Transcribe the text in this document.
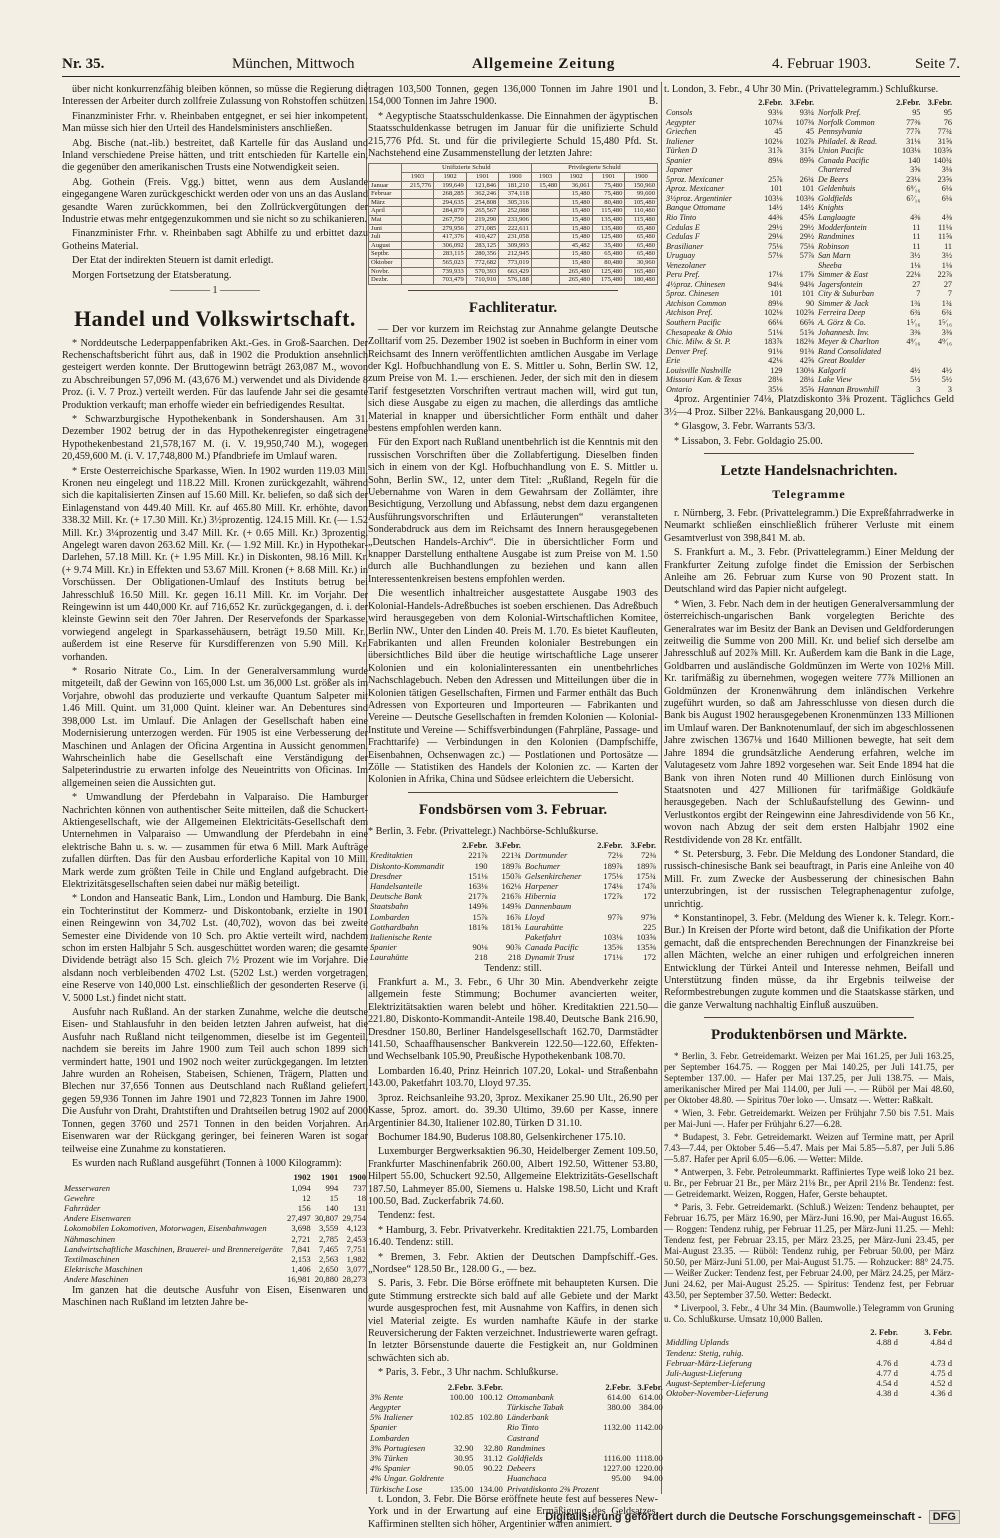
Nr. 35.	München, Mittwoch	Allgemeine Zeitung	4. Februar 1903.	Seite 7.

über nicht konkurrenzfähig bleiben können, so müsse die Regierung die Interessen der Arbeiter durch zollfreie Zulassung von Rohstoffen schützen.

Finanzminister Frhr. v. Rheinbaben entgegnet, er sei hier inkompetent. Man müsse sich hier den Urteil des Handelsministers anschließen.

Abg. Bische (nat.-lib.) bestreitet, daß Kartelle für das Ausland und Inland verschiedene Preise hätten, und tritt entschieden für Kartelle ein, die gegenüber den amerikanischen Trusts eine Notwendigkeit seien.

Abg. Gothein (Freis. Vgg.) bittet, wenn aus dem Auslande eingegangene Waren zurückgeschickt werden oder von uns an das Ausland gesandte Waren zurückkommen, bei den Zollrückvergütungen der Industrie etwas mehr entgegenzukommen und sie nicht so zu schikanieren.

Finanzminister Frhr. v. Rheinbaben sagt Abhilfe zu und erbittet dazu Gotheins Material.

Der Etat der indirekten Steuern ist damit erledigt.

Morgen Fortsetzung der Etatsberatung.

———— 1 ————
Handel und Volkswirtschaft.

* Norddeutsche Lederpappenfabriken Akt.-Ges. in Groß-Saarchen. Der Rechenschaftsbericht führt aus, daß in 1902 die Produktion ansehnlich gesteigert werden konnte. Der Bruttogewinn beträgt 263,087 M., wovon zu Abschreibungen 57,096 M. (43,676 M.) verwendet und als Dividende 8 Proz. (i. V. 7 Proz.) verteilt werden. Für das laufende Jahr sei die gesamte Produktion verkauft; man erhoffe wieder ein befriedigendes Resultat.

* Schwarzburgische Hypothekenbank in Sondershausen. Am 31. Dezember 1902 betrug der in das Hypothekenregister eingetragene Hypothekenbestand 21,578,167 M. (i. V. 19,950,740 M.), wogegen 20,459,600 M. (i. V. 17,748,800 M.) Pfandbriefe im Umlauf waren.

* Erste Oesterreichische Sparkasse, Wien. In 1902 wurden 119.03 Mill. Kronen neu eingelegt und 118.22 Mill. Kronen zurückgezahlt, während sich die kapitalisierten Zinsen auf 15.60 Mill. Kr. beliefen, so daß sich der Einlagenstand von 449.40 Mill. Kr. auf 465.80 Mill. Kr. erhöhte, davon 338.32 Mill. Kr. (+ 17.30 Mill. Kr.) 3½prozentig. 124.15 Mill. Kr. (— 1.52 Mill. Kr.) 3¼prozentig und 3.47 Mill. Kr. (+ 0.65 Mill. Kr.) 3prozentig. Angelegt waren davon 263.62 Mill. Kr. (— 1.92 Mill. Kr.) in Hypothekar-Darlehen, 57.18 Mill. Kr. (+ 1.95 Mill. Kr.) in Diskonten, 98.16 Mill. Kr. (+ 9.74 Mill. Kr.) in Effekten und 53.67 Mill. Kronen (+ 8.68 Mill. Kr.) in Vorschüssen. Der Obligationen-Umlauf des Instituts betrug bei Jahresschluß 16.50 Mill. Kr. gegen 16.11 Mill. Kr. im Vorjahr. Der Reingewinn ist um 440,000 Kr. auf 716,652 Kr. zurückgegangen, d. i. der kleinste Gewinn seit den 70er Jahren. Der Reservefonds der Sparkasse, vorwiegend angelegt in Sparkassehäusern, beträgt 19.50 Mill. Kr., außerdem ist eine Reserve für Kursdifferenzen von 5.90 Mill. Kr. vorhanden.

* Rosario Nitrate Co., Lim. In der Generalversammlung wurde mitgeteilt, daß der Gewinn von 165,000 Lst. um 36,000 Lst. größer als im Vorjahre, obwohl das produzierte und verkaufte Quantum Salpeter mit 1.46 Mill. Quint. um 31,000 Quint. kleiner war. An Debentures sind 398,000 Lst. im Umlauf. Die Anlagen der Gesellschaft haben eine Modernisierung unterzogen werden. Für 1905 ist eine Verbesserung der Maschinen und Anlagen der Oficina Argentina in Aussicht genommen. Wahrscheinlich habe die Gesellschaft eine Verständigung der Salpeterindustrie zu erwarten infolge des Neueintritts von Oficinas. Im allgemeinen seien die Aussichten gut.

* Umwandlung der Pferdebahn in Valparaiso. Die Hamburger Nachrichten können von authentischer Seite mitteilen, daß die Schuckert-Aktiengesellschaft, wie der Allgemeinen Elektricitäts-Gesellschaft dem Unternehmen in Valparaiso — Umwandlung der Pferdebahn in eine elektrische Bahn u. s. w. — zusammen für etwa 6 Mill. Mark Aufträge zufallen dürften. Das für den Ausbau erforderliche Kapital von 10 Mill. Mark werde zum größten Teile in Chile und England aufgebracht. Die Elektrizitätsgesellschaften seien dabei nur mäßig beteiligt.

* London and Hanseatic Bank, Lim., London und Hamburg. Die Bank, ein Tochterinstitut der Kommerz- und Diskontobank, erzielte in 1901 einen Reingewinn von 34,702 Lst. (40,702), wovon das bei zweite Semester eine Dividende von 10 Sch. pro Aktie verteilt wird, nachdem schon im ersten Halbjahr 5 Sch. ausgeschüttet worden waren; die gesamte Dividende beträgt also 15 Sch. gleich 7½ Prozent wie im Vorjahre. Die alsdann noch verbleibenden 4702 Lst. (5202 Lst.) werden vorgetragen, eine Reserve von 140,000 Lst. einschließlich der gesonderten Reserve (i. V. 5000 Lst.) findet nicht statt.

Ausfuhr nach Rußland. An der starken Zunahme, welche die deutsche Eisen- und Stahlausfuhr in den beiden letzten Jahren aufweist, hat die Ausfuhr nach Rußland nicht teilgenommen, dieselbe ist im Gegenteil, nachdem sie bereits im Jahre 1900 zum Teil auch schon 1899 sich vermindert hatte, 1901 und 1902 noch weiter zurückgegangen. Im letzten Jahre wurden an Roheisen, Stabeisen, Schienen, Trägern, Platten und Blechen nur 37,656 Tonnen aus Deutschland nach Rußland geliefert, gegen 59,936 Tonnen im Jahre 1901 und 72,823 Tonnen im Jahre 1900. Die Ausfuhr von Draht, Drahtstiften und Drahtseilen betrug 1902 auf 2000 Tonnen, gegen 3760 und 2571 Tonnen in den beiden Vorjahren. An Eisenwaren war der Rückgang geringer, bei feineren Waren ist sogar teilweise eine Zunahme zu konstatieren.

Es wurden nach Rußland ausgeführt (Tonnen à 1000 Kilogramm):

	1902	1901	1900
Messerwaren	1,094	994	737
Gewehre	12	15	18
Fahrräder	156	140	131
Andere Eisenwaren	27,497	30,807	29,754
Lokomobilen Lokomotiven, Motorwagen, Eisenbahnwagen	3,698	3,559	4,123
Nähmaschinen	2,721	2,785	2,453
Landwirtschaftliche Maschinen, Brauerei- und Brennereigeräte	7,841	7,465	7,751
Textilmaschinen	2,153	2,563	1,982
Elektrische Maschinen	1,406	2,650	3,077
Andere Maschinen	16,981	20,880	28,273

Im ganzen hat die deutsche Ausfuhr von Eisen, Eisenwaren und Maschinen nach Rußland im letzten Jahre be-

tragen 103,500 Tonnen, gegen 136,000 Tonnen im Jahre 1901 und 154,000 Tonnen im Jahre 1900.	B.

* Aegyptische Staatsschuldenkasse. Die Einnahmen der ägyptischen Staatsschuldenkasse betrugen im Januar für die unifizierte Schuld 215,776 Pfd. St. und für die privilegierte Schuld 15,480 Pfd. St. Nachstehend eine Zusammenstellung der letzten Jahre:

	Unifizierte Schuld				Privilegierte Schuld			
	1903	1902	1901	1900	1903	1902	1901	1900
Januar	215,776	199,649	121,846	181,210	15,480	36,061	75,480	150,960
Februar		268,285	362,246	374,118		15,480	75,480	99,600
März		294,635	254,808	305,316		15,480	80,480	105,480
April		284,879	265,567	252,088		15,480	115,480	110,480
Mai		267,750	219,290	233,906		15,480	135,480	115,480
Juni		279,956	271,085	222,611		15,480	135,480	65,480
Juli		417,376	410,427	231,058		15,480	125,480	65,480
August		306,092	283,125	309,993		45,482	35,480	65,480
Septbr.		283,115	280,356	212,945		15,480	65,480	65,480
Oktober		565,023	772,682	773,019		15,480	80,480	30,960
Novbr.		739,933	570,393	663,429		265,480	125,480	165,480
Dezbr.		703,479	710,910	576,188		265,480	175,480	180,480
Fachliteratur.

— Der vor kurzem im Reichstag zur Annahme gelangte Deutsche Zolltarif vom 25. Dezember 1902 ist soeben in Buchform in einer vom Reichsamt des Innern veröffentlichten amtlichen Ausgabe im Verlage der Kgl. Hofbuchhandlung von E. S. Mittler u. Sohn, Berlin SW. 12, zum Preise von M. 1.— erschienen. Jeder, der sich mit den in diesem Tarif festgesetzten Vorschriften vertraut machen will, wird gut tun, sich diese Ausgabe zu eigen zu machen, die allerdings das amtliche Material in knapper und übersichtlicher Form enthält und daher bestens empfohlen werden kann.

Für den Export nach Rußland unentbehrlich ist die Kenntnis mit den russischen Vorschriften über die Zollabfertigung. Dieselben finden sich in einem von der Kgl. Hofbuchhandlung von E. S. Mittler u. Sohn, Berlin SW., 12, unter dem Titel: „Rußland, Regeln für die Uebernahme von Waren in dem Gewahrsam der Zollämter, ihre Besichtigung, Verzollung und Abfassung, nebst dem dazu ergangenen Ausführungsvorschriften und Erläuterungen“ veranstalteten Sonderabdruck aus dem im Reichsamt des Innern herausgegebenen „Deutschen Handels-Archiv“. Die in übersichtlicher Form und knapper Darstellung enthaltene Ausgabe ist zum Preise von M. 1.50 durch alle Buchhandlungen zu beziehen und kann allen Interessentenkreisen bestens empfohlen werden.

Die wesentlich inhaltreicher ausgestattete Ausgabe 1903 des Kolonial-Handels-Adreßbuches ist soeben erschienen. Das Adreßbuch wird herausgegeben von dem Kolonial-Wirtschaftlichen Komitee, Berlin NW., Unter den Linden 40. Preis M. 1.70. Es bietet Kaufleuten, Fabrikanten und allen Freunden kolonialer Bestrebungen ein übersichtliches Bild über die heutige wirtschaftliche Lage unserer Kolonien und ein kolonialinteressanten ein unentbehrliches Nachschlagebuch. Neben den Adressen und Mitteilungen über die in Kolonien tätigen Gesellschaften, Firmen und Farmer enthält das Buch Adressen von Exporteuren und Importeuren — Fabrikanten und Vereine — Deutsche Gesellschaften in fremden Kolonien — Kolonial-Institute und Vereine — Schiffsverbindungen (Fahrpläne, Passage- und Frachttarife) — Verbindungen in den Kolonien (Dampfschiffe, Eisenbahnen, Ochsenwagen zc.) — Postlationen und Portosätze — Zölle — Statistiken des Handels der Kolonien zc. — Karten der Kolonien in Afrika, China und Südsee erleichtern die Uebersicht.

Fondsbörsen vom 3. Februar.

* Berlin, 3. Febr. (Privattelegr.) Nachbörse-Schlußkurse.

	2.Febr.	3.Febr.		2.Febr.	3.Febr.
Kreditaktien	221⅞	221¾	Dortmunder	72⅛	72⅜
Diskonto-Kommandit	190	189⅞	Bochumer	189⅞	189⅞
Dresdner	151⅛	150⅞	Gelsenkirchener	175⅛	175¾
Handelsanteile	163⅛	162⅛	Harpener	174⅛	174⅞
Deutsche Bank	217⅞	216⅞	Hibernia	172⅞	172
Staatsbahn	149⅝	149⅝	Dannenbaum		
Lombarden	15⅞	16⅞	Lloyd	97⅞	97⅝
Gotthardbahn	181⅝	181⅝	Laurahütte		225
Italienische Rente			Paketfahrt	103⅛	103⅝
Spanier	90⅛	90⅞	Canada Pacific	135⅜	135⅝
Laurahütte	218	218	Dynamit Trust	171⅛	172

Tendenz: still.

Frankfurt a. M., 3. Febr., 6 Uhr 30 Min. Abendverkehr zeigte allgemein feste Stimmung; Bochumer avancierten weiter, Elektrizitätsaktien waren belebt und höher. Kreditaktien 221.50—221.80, Diskonto-Kommandit-Anteile 198.40, Deutsche Bank 216.90, Dresdner 150.80, Berliner Handelsgesellschaft 162.70, Darmstädter 141.50, Schaaffhausenscher Bankverein 122.50—122.60, Effekten- und Wechselbank 105.90, Preußische Hypothekenbank 108.70.

Lombarden 16.40, Prinz Heinrich 107.20, Lokal- und Straßenbahn 143.00, Paketfahrt 103.70, Lloyd 97.35.

3proz. Reichsanleihe 93.20, 3proz. Mexikaner 25.90 Ult., 26.90 per Kasse, 5proz. amort. do. 39.30 Ultimo, 39.60 per Kasse, innere Argentinier 84.30, Italiener 102.80, Türken D 31.10.

Bochumer 184.90, Buderus 108.80, Gelsenkirchener 175.10.

Luxemburger Bergwerksaktien 96.30, Heidelberger Zement 109.50, Frankfurter Maschinenfabrik 260.00, Albert 192.50, Wittener 53.80, Hilpert 55.00, Schuckert 92.50, Allgemeine Elektrizitäts-Gesellschaft 187.50, Lahmeyer 85.00, Siemens u. Halske 198.50, Licht und Kraft 100.50, Bad. Zuckerfabrik 74.60.

Tendenz: fest.

* Hamburg, 3. Febr. Privatverkehr. Kreditaktien 221.75, Lombarden 16.40. Tendenz: still.

* Bremen, 3. Febr. Aktien der Deutschen Dampfschiff.-Ges. „Nordsee“ 128.50 Br., 128.00 G., — bez.

S. Paris, 3. Febr. Die Börse eröffnete mit behaupteten Kursen. Die gute Stimmung erstreckte sich bald auf alle Gebiete und der Markt wurde ausgesprochen fest, mit Ausnahme von Kaffirs, in denen sich viel Material zeigte. Es wurden namhafte Käufe in der starke Reuversicherung der Fakten verzeichnet. Industriewerte waren gefragt. In letzter Börsenstunde dauerte die Festigkeit an, nur Goldminen schwächten sich ab.

* Paris, 3. Febr., 3 Uhr nachm. Schlußkurse.

	2.Febr.	3.Febr.		2.Febr.	3.Febr.
3% Rente	100.00	100.12	Ottomanbank	614.00	614.00
Aegypter			Türkische Tabak	380.00	384.00
5% Italiener	102.85	102.80	Länderbank		
Spanier			Rio Tinto	1132.00	1142.00
Lombarden			Castrand		
3% Portugiesen	32.90	32.80	Randmines		
3% Türken	30.95	31.12	Goldfields	1116.00	1118.00
4% Spanier	90.05	90.22	Debeers	1227.00	1220.00
4% Ungar. Goldrente			Huanchaca	95.00	94.00
Türkische Lose	135.00	134.00	Privatdiskonto 2⅜ Prozent		

t. London, 3. Febr. Die Börse eröffnete heute fest auf besseres New-York und in der Erwartung auf eine Ermäßigung des Geldsatzes. Kaffirminen stellten sich höher, Argentinier waren animiert.

t. London, 3. Febr., 4 Uhr 30 Min. (Privattelegramm.) Schlußkurse.

	2.Febr.	3.Febr.		2.Febr.	3.Febr.
Consols	93⅛	93¼	Norfolk Pref.	95	95
Aegypter	107⅛	107⅜	Norfolk Common	77⅜	76
Griechen	45	45	Pennsylvania	77⅞	77¾
Italiener	102⅛	102⅞	Philadel. & Read.	31⅛	31⅝
Türken D	31⅞	31⅝	Union Pacific	103⅛	103⅝
Spanier	89⅛	89⅝	Canada Pacific	140	140¾
Japaner			Chartered	3⅝	3⅛
5proz. Mexicaner	25⅞	26¾	De Beers	23⅛	23⅝
Aproz. Mexicaner	101	101	Geldenhuis	6⁹⁄₁₆	6⅛
3½proz. Argentinier	103⅛	103⅜	Goldfields	6⁷⁄₁₆	6⅛
Banque Ottomane	14½	14½	Knights		
Rio Tinto	44⅜	45⅝	Langlaagte	4⅜	4⅜
Cedulas E	29½	29½	Modderfontein	11	11⅛
Cedulas F	29⅛	29½	Randmines	11	11⅝
Brasilianer	75⅛	75⅛	Robinson	11	11
Uruguay	57⅛	57⅞	San Marn	3½	3½
Venezolaner			Sheeba	1⅛	1⅛
Peru Pref.	17⅛	17⅝	Simmer & East	22⅛	22⅞
4½proz. Chinesen	94⅛	94⅜	Jagersfontein	27	27
5proz. Chinesen	101	101	City & Suburban	7	7
Atchison Common	89⅛	90	Simmer & Jack	1¾	1¾
Atchison Pref.	102⅛	102⅝	Ferreira Deep	6¾	6¾
Southern Pacific	66⅛	66⅝	A. Görz & Co.	1⁵⁄₁₆	1⁵⁄₁₆
Chesapeake & Ohio	51⅛	51⅝	Johannesb. Inv.	3⅜	3⅜
Chic. Milw. & St. P.	183⅞	182⅜	Meyer & Charlton	4⁹⁄₁₆	4⁹⁄₁₆
Denver Pref.	91⅛	91⅜	Rand Consolidated		
Erie	42⅛	42⅝	Great Boulder		
Louisville Nashville	129	130⅛	Kalgorli	4½	4½
Missouri Kan. & Texas	28⅛	28¼	Lake View	5½	5½
Ontario	35⅛	35⅝	Hannan Brownhill	3	3

4proz. Argentinier 74⅛, Platzdiskonto 3⅜ Prozent. Täglichcs Geld 3½—4 Proz. Silber 22⅛. Bankausgang 20,000 L.

* Glasgow, 3. Febr. Warrants 53/3.

* Lissabon, 3. Febr. Goldagio 25.00.

Letzte Handelsnachrichten.
Telegramme

r. Nürnberg, 3. Febr. (Privattelegramm.) Die Expreßfahrradwerke in Neumarkt schließen einschließlich früherer Verluste mit einem Gesamtverlust von 398,841 M. ab.

S. Frankfurt a. M., 3. Febr. (Privattelegramm.) Einer Meldung der Frankfurter Zeitung zufolge findet die Emission der Serbischen Anleihe am 26. Februar zum Kurse von 90 Prozent statt. In Deutschland wird das Papier nicht aufgelegt.

* Wien, 3. Febr. Nach dem in der heutigen Generalversammlung der österreichisch-ungarischen Bank vorgelegten Berichte des Generalrates war im Besitz der Bank an Devisen und Geldforderungen zeitweilig die Summe von 200 Mill. Kr. und belief sich derselbe am Jahresschluß auf 202⅞ Mill. Kr. Außerdem kam die Bank in die Lage, Goldbarren und ausländische Goldmünzen im Werte von 102⅛ Mill. Kr. tarifmäßig zu übernehmen, wogegen weitere 77⅞ Millionen an Goldmünzen der Kronenwährung dem inländischen Verkehre zugeführt wurden, so daß am Jahresschlusse von diesen durch die Bank bis August 1902 herausgegebenen Kronenmünzen 133 Millionen im Umlauf waren. Der Banknotenumlauf, der sich im abgeschlossenen Jahre zwischen 1367⅛ und 1640 Millionen bewegte, hat seit dem Jahre 1894 die grundsätzliche Aenderung erfahren, welche im Valutagesetz vom Jahre 1892 vorgesehen war. Seit Ende 1894 hat die Bank von ihren Noten rund 40 Millionen durch Einlösung von Staatsnoten und 427 Millionen für tarifmäßige Goldkäufe herausgegeben. Nach der Schlußaufstellung des Gewinn- und Verlustkontos ergibt der Reingewinn eine Jahresdividende von 56 Kr., wovon nach Abzug der seit dem ersten Halbjahr 1902 eine Restdividende von 28 Kr. entfällt.

* St. Petersburg, 3. Febr. Die Meldung des Londoner Standard, die russisch-chinesische Bank sei beauftragt, in Paris eine Anleihe von 40 Mill. Fr. zum Zwecke der Ausbesserung der chinesischen Bahn unterzubringen, ist der russischen Telegraphenagentur zufolge, unrichtig.

* Konstantinopel, 3. Febr. (Meldung des Wiener k. k. Telegr. Korr.-Bur.) In Kreisen der Pforte wird betont, daß die Unifikation der Pforte gemacht, daß die entsprechenden Berechnungen der Finanzkreise bei allen Mächten, welche an einer ruhigen und erfolgreichen inneren Entwicklung der Türkei Anteil und Interesse nehmen, Beifall und Unterstützung finden müsse, da ihr Ergebnis teilweise der Reformbestrebungen zugute kommen und die Staatskasse stärken, und die ganze Verwaltung nachhaltig Einfluß auszuüben.

Produktenbörsen und Märkte.

* Berlin, 3. Febr. Getreidemarkt. Weizen per Mai 161.25, per Juli 163.25, per September 164.75. — Roggen per Mai 140.25, per Juli 141.75, per September 137.00. — Hafer per Mai 137.25, per Juli 138.75. — Mais, amerikanischer Mired per Mai 114.00, per Juli —. — Rüböl per Mai 48.60, per Oktober 48.80. — Spiritus 70er loko —. Umsatz —. Wetter: Raßkalt.

* Wien, 3. Febr. Getreidemarkt. Weizen per Frühjahr 7.50 bis 7.51. Mais per Mai-Juni —. Hafer per Frühjahr 6.27—6.28.

* Budapest, 3. Febr. Getreidemarkt. Weizen auf Termine matt, per April 7.43—7.44, per Oktober 5.46—5.47. Mais per Mai 5.85—5.87, per Juli 5.86—5.87. Hafer per April 6.05—6.06. — Wetter: Milde.

* Antwerpen, 3. Febr. Petroleummarkt. Raffiniertes Type weiß loko 21 bez. u. Br., per Februar 21 Br., per März 21⅛ Br., per April 21⅛ Br. Tendenz: fest. — Getreidemarkt. Weizen, Roggen, Hafer, Gerste behauptet.

* Paris, 3. Febr. Getreidemarkt. (Schluß.) Weizen: Tendenz behauptet, per Februar 16.75, per März 16.90, per März-Juni 16.90, per Mai-August 16.65. — Roggen: Tendenz ruhig, per Februar 11.25, per März-Juni 11.25. — Mehl: Tendenz fest, per Februar 23.15, per März 23.25, per März-Juni 23.45, per Mai-August 23.35. — Rüböl: Tendenz ruhig, per Februar 50.00, per März 50.50, per März-Juni 51.00, per Mai-August 51.75. — Rohzucker: 88° 24.75. — Weißer Zucker: Tendenz fest, per Februar 24.00, per März 24.25, per März-Juni 24.62, per Mai-August 25.25. — Spiritus: Tendenz fest, per Februar 43.50, per September 37.50. Wetter: Bedeckt.

* Liverpool, 3. Febr., 4 Uhr 34 Min. (Baumwolle.) Telegramm von Gruning u. Co. Schlußkurse. Umsatz 10,000 Ballen.

	2. Febr.	3. Febr.
Middling Uplands	4.88 d	4.84 d
Tendenz: Stetig, ruhig.		
Februar-März-Lieferung	4.76 d	4.73 d
Juli-August-Lieferung	4.77 d	4.75 d
August-September-Lieferung	4.54 d	4.52 d
Oktober-November-Lieferung	4.38 d	4.36 d
Digitalisierung gefördert durch die Deutsche Forschungsgemeinschaft - DFG
